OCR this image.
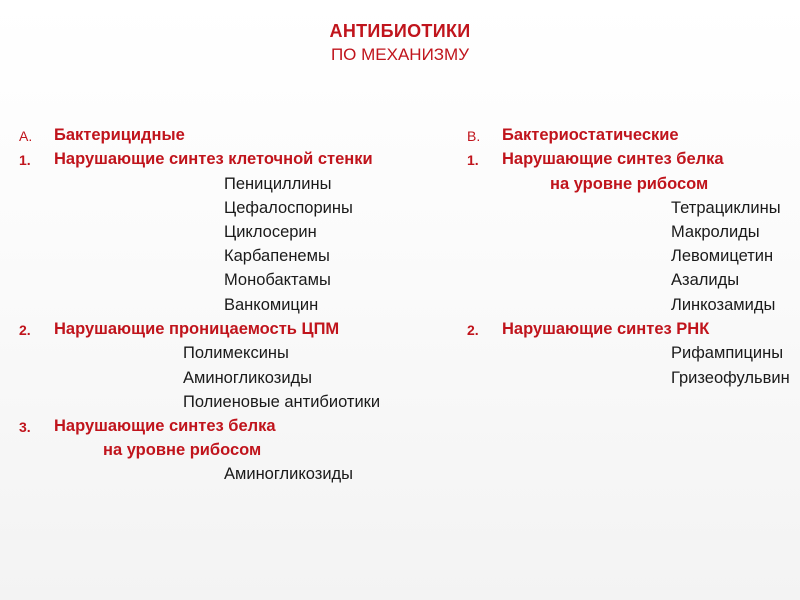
АНТИБИОТИКИ
ПО МЕХАНИЗМУ
A. Бактерицидные
1. Нарушающие синтез клеточной стенки
Пенициллины
Цефалоспорины
Циклосерин
Карбапенемы
Монобактамы
Ванкомицин
2. Нарушающие проницаемость ЦПМ
Полимексины
Аминогликозиды
Полиеновые антибиотики
3. Нарушающие синтез белка
на уровне рибосом
Аминогликозиды
B. Бактериостатические
1. Нарушающие синтез белка
на уровне рибосом
Тетрациклины
Макролиды
Левомицетин
Азалиды
Линкозамиды
2. Нарушающие синтез РНК
Рифампицины
Гризеофульвин
